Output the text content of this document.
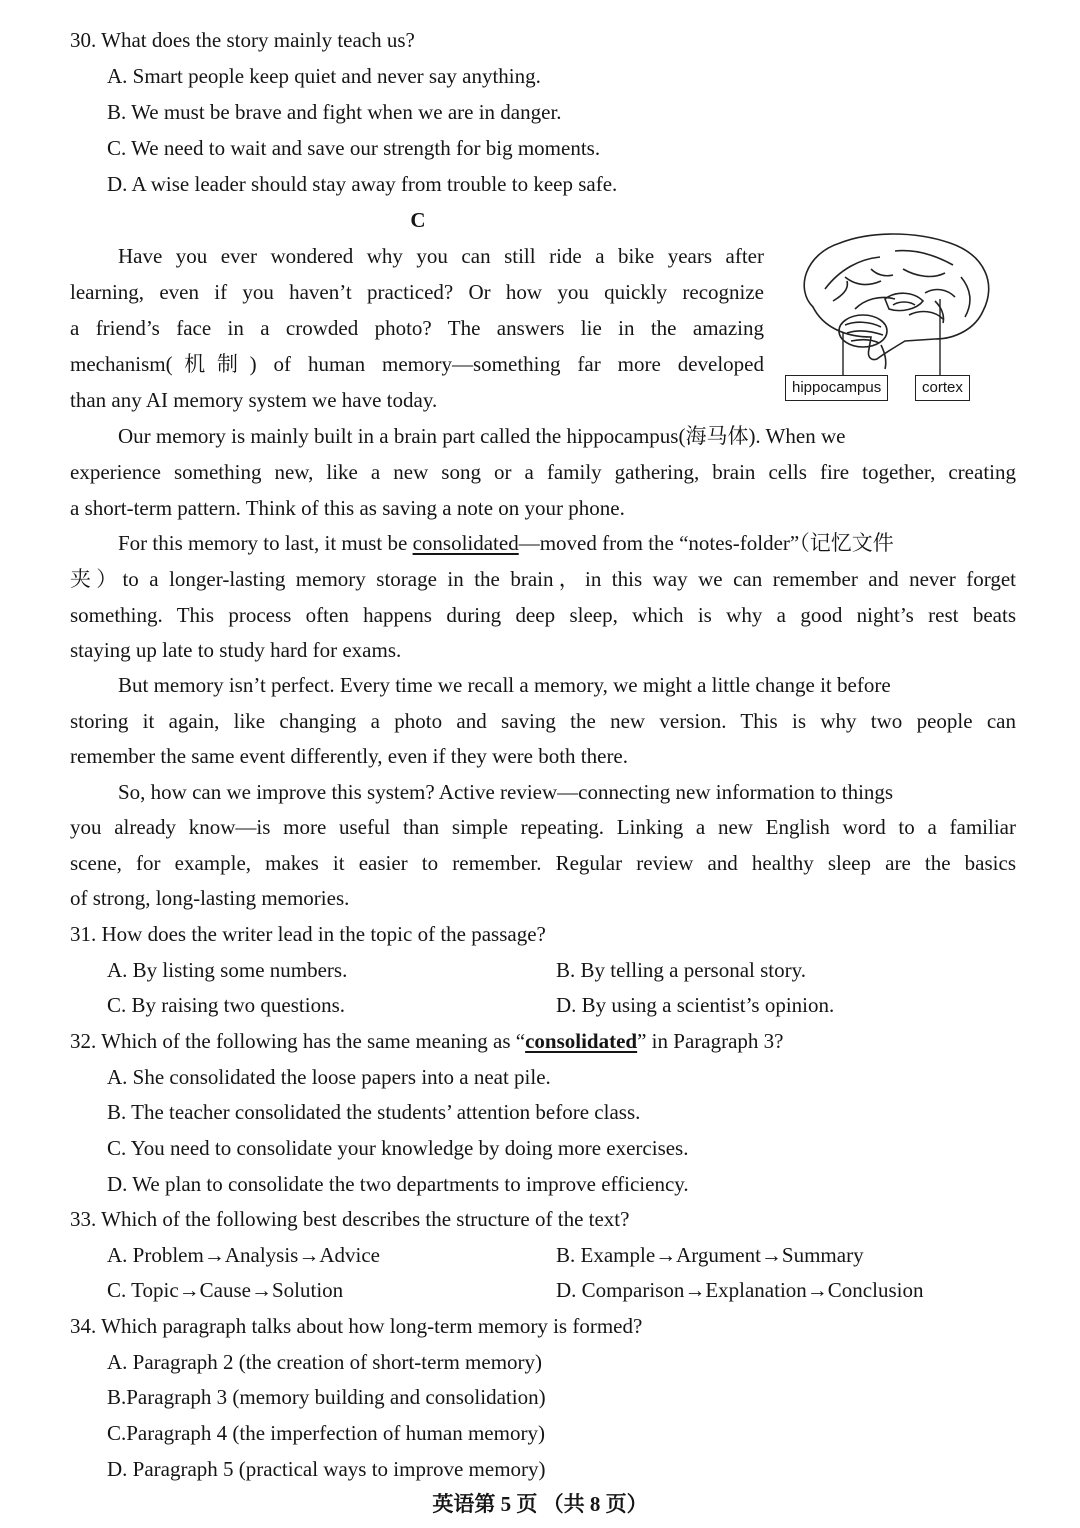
30. What does the story mainly teach us?
A. Smart people keep quiet and never say anything.
B. We must be brave and fight when we are in danger.
C. We need to wait and save our strength for big moments.
D. A wise leader should stay away from trouble to keep safe.
C
Have you ever wondered why you can still ride a bike years after
learning, even if you haven’t practiced? Or how you quickly recognize
a friend’s face in a crowded photo? The answers lie in the amazing
mechanism(机制) of human memory—something far more developed
than any AI memory system we have today.
hippocampus	cortex
Our memory is mainly built in a brain part called the hippocampus(海马体). When we
experience something new, like a new song or a family gathering, brain cells fire together, creating
a short-term pattern. Think of this as saving a note on your phone.
For this memory to last, it must be consolidated—moved from the “notes-folder”（记忆文件
夹）to a longer-lasting memory storage in the brain，in this way we can remember and never forget
something. This process often happens during deep sleep, which is why a good night’s rest beats
staying up late to study hard for exams.
But memory isn’t perfect. Every time we recall a memory, we might a little change it before
storing it again, like changing a photo and saving the new version. This is why two people can
remember the same event differently, even if they were both there.
So, how can we improve this system? Active review—connecting new information to things
you already know—is more useful than simple repeating. Linking a new English word to a familiar
scene, for example, makes it easier to remember. Regular review and healthy sleep are the basics
of strong, long-lasting memories.
31. How does the writer lead in the topic of the passage?
A. By listing some numbers.	B. By telling a personal story.
C. By raising two questions.	D. By using a scientist’s opinion.
32. Which of the following has the same meaning as “consolidated” in Paragraph 3?
A. She consolidated the loose papers into a neat pile.
B. The teacher consolidated the students’ attention before class.
C. You need to consolidate your knowledge by doing more exercises.
D. We plan to consolidate the two departments to improve efficiency.
33. Which of the following best describes the structure of the text?
A. Problem→Analysis→Advice	B. Example→Argument→Summary
C. Topic→Cause→Solution	D. Comparison→Explanation→Conclusion
34. Which paragraph talks about how long-term memory is formed?
A. Paragraph 2 (the creation of short-term memory)
B.Paragraph 3 (memory building and consolidation)
C.Paragraph 4 (the imperfection of human memory)
D. Paragraph 5 (practical ways to improve memory)
英语第 5 页 （共 8 页）
